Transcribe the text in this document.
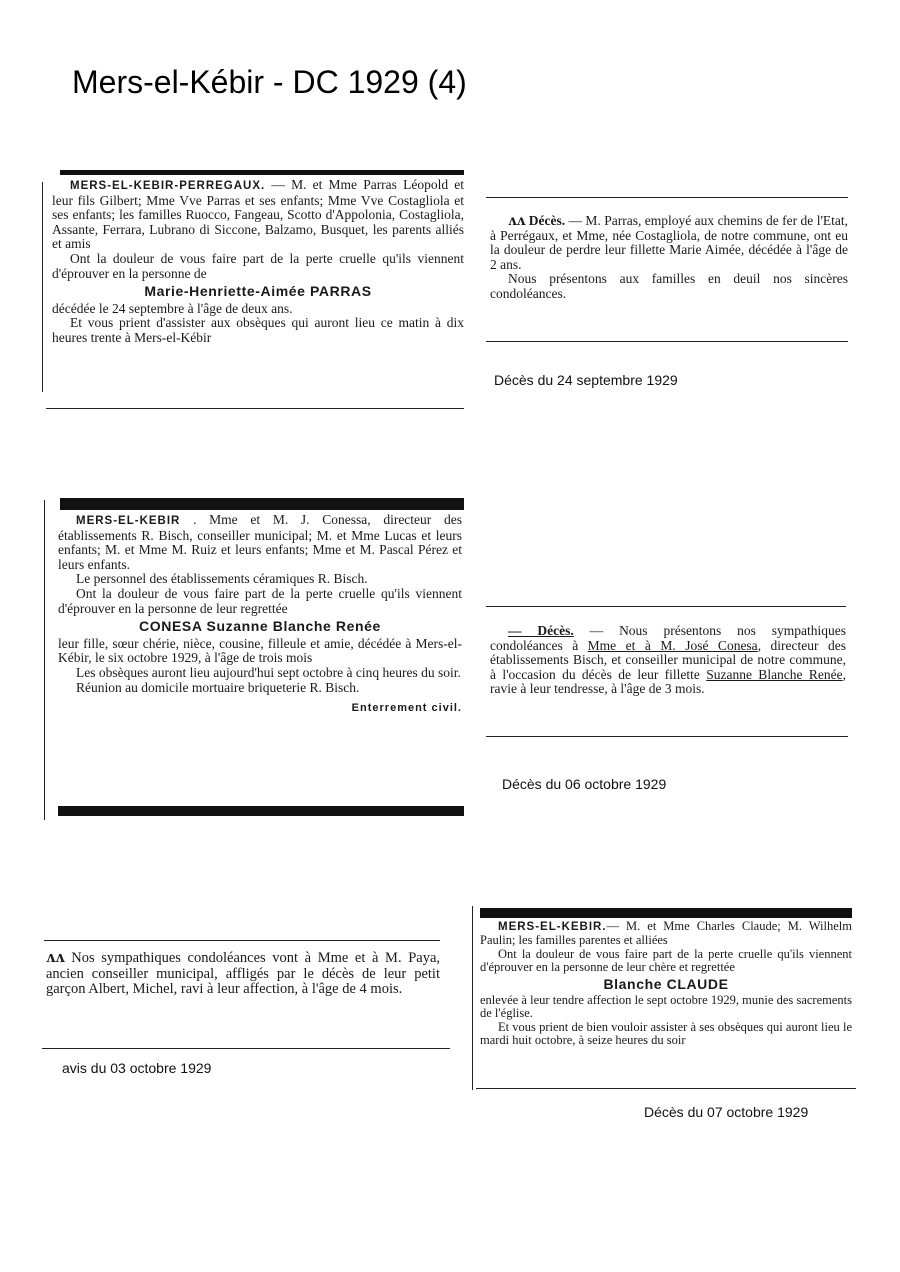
Mers-el-Kébir - DC 1929 (4)

MERS-EL-KEBIR-PERREGAUX. — M. et Mme Parras Léopold et leur fils Gilbert; Mme Vve Parras et ses enfants; Mme Vve Costagliola et ses enfants; les familles Ruocco, Fangeau, Scotto d'Appolonia, Costagliola, Assante, Ferrara, Lubrano di Siccone, Balzamo, Busquet, les parents alliés et amis

Ont la douleur de vous faire part de la perte cruelle qu'ils viennent d'éprouver en la personne de

Marie-Henriette-Aimée PARRAS

décédée le 24 septembre à l'âge de deux ans.

Et vous prient d'assister aux obsèques qui auront lieu ce matin à dix heures trente à Mers-el-Kébir

ᴧᴧ Décès. — M. Parras, employé aux chemins de fer de l'Etat, à Perrégaux, et Mme, née Costagliola, de notre commune, ont eu la douleur de perdre leur fillette Marie Aimée, décédée à l'âge de 2 ans.

Nous présentons aux familles en deuil nos sincères condoléances.

Décès du 24 septembre 1929

MERS-EL-KEBIR . Mme et M. J. Conessa, directeur des établissements R. Bisch, conseiller municipal; M. et Mme Lucas et leurs enfants; M. et Mme M. Ruiz et leurs enfants; Mme et M. Pascal Pérez et leurs enfants.

Le personnel des établissements céramiques R. Bisch.

Ont la douleur de vous faire part de la perte cruelle qu'ils viennent d'éprouver en la personne de leur regrettée

CONESA Suzanne Blanche Renée

leur fille, sœur chérie, nièce, cousine, filleule et amie, décédée à Mers-el-Kébir, le six octobre 1929, à l'âge de trois mois

Les obsèques auront lieu aujourd'hui sept octobre à cinq heures du soir.

Réunion au domicile mortuaire briqueterie R. Bisch.

Enterrement civil.

— Décès. — Nous présentons nos sympathiques condoléances à Mme et à M. José Conesa, directeur des établissements Bisch, et conseiller municipal de notre commune, à l'occasion du décès de leur fillette Suzanne Blanche Renée, ravie à leur tendresse, à l'âge de 3 mois.

Décès du 06 octobre 1929

ᴧᴧ Nos sympathiques condoléances vont à Mme et à M. Paya, ancien conseiller municipal, affligés par le décès de leur petit garçon Albert, Michel, ravi à leur affection, à l'âge de 4 mois.

avis du 03 octobre 1929

MERS-EL-KEBIR.— M. et Mme Charles Claude; M. Wilhelm Paulin; les familles parentes et alliées

Ont la douleur de vous faire part de la perte cruelle qu'ils viennent d'éprouver en la personne de leur chère et regrettée

Blanche CLAUDE

enlevée à leur tendre affection le sept octobre 1929, munie des sacrements de l'église.

Et vous prient de bien vouloir assister à ses obsèques qui auront lieu le mardi huit octobre, à seize heures du soir

Décès du 07 octobre 1929
